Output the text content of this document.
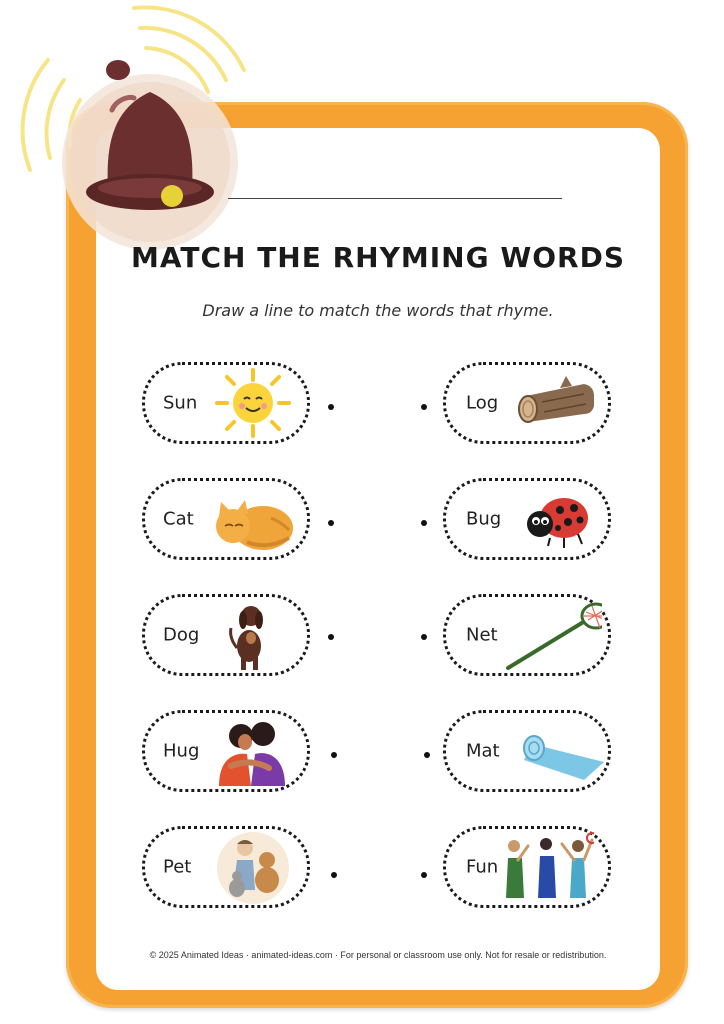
MATCH THE RHYMING WORDS
Draw a line to match the words that rhyme.
Sun
Cat
Dog
Hug
Pet
Log
Bug
Net
Mat
Fun
© 2025 Animated Ideas · animated-ideas.com · For personal or classroom use only. Not for resale or redistribution.
